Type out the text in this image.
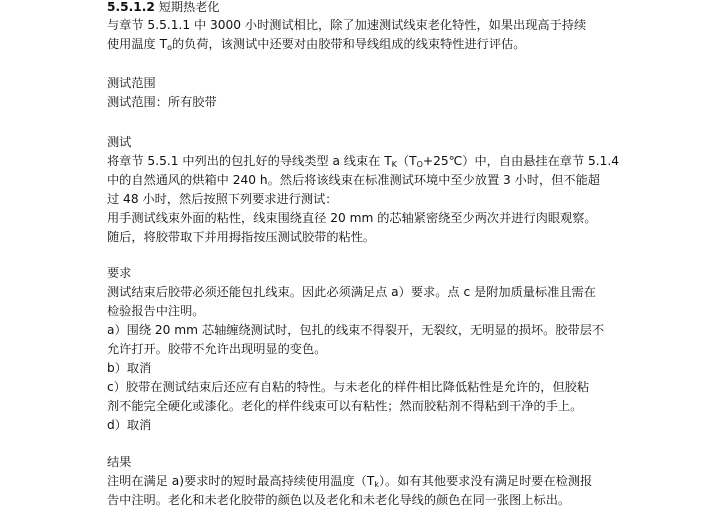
5.5.1.2 短期热老化
与章节 5.5.1.1 中 3000 小时测试相比，除了加速测试线束老化特性，如果出现高于持续
使用温度 $T_o$的负荷，该测试中还要对由胶带和导线组成的线束特性进行评估。
测试范围
测试范围：所有胶带
测试
将章节 5.5.1 中列出的包扎好的导线类型 a 线束在 $T_K(T_O+25℃)$中，自由悬挂在章节 5.1.4
中的自然通风的烘箱中 240 h。然后将该线束在标准测试环境中至少放置 3 小时，但不能超
过 48 小时，然后按照下列要求进行测试：
用手测试线束外面的粘性，线束围绕直径 20 mm 的芯轴紧密绕至少两次并进行肉眼观察。
随后，将胶带取下并用拇指按压测试胶带的粘性。
要求
测试结束后胶带必须还能包扎线束。因此必须满足点 a）要求。点 c 是附加质量标准且需在
检验报告中注明。
a）围绕 20 mm 芯轴缠绕测试时，包扎的线束不得裂开，无裂纹，无明显的损坏。胶带层不
允许打开。胶带不允许出现明显的变色。
b）取消
c）胶带在测试结束后还应有自粘的特性。与未老化的样件相比降低粘性是允许的，但胶粘
剂不能完全硬化或漆化。老化的样件线束可以有粘性；然而胶粘剂不得粘到干净的手上。
d）取消
结果
注明在满足 a)要求时的短时最高持续使用温度$(T_k)$。如有其他要求没有满足时要在检测报
告中注明。老化和未老化胶带的颜色以及老化和未老化导线的颜色在同一张图上标出。
